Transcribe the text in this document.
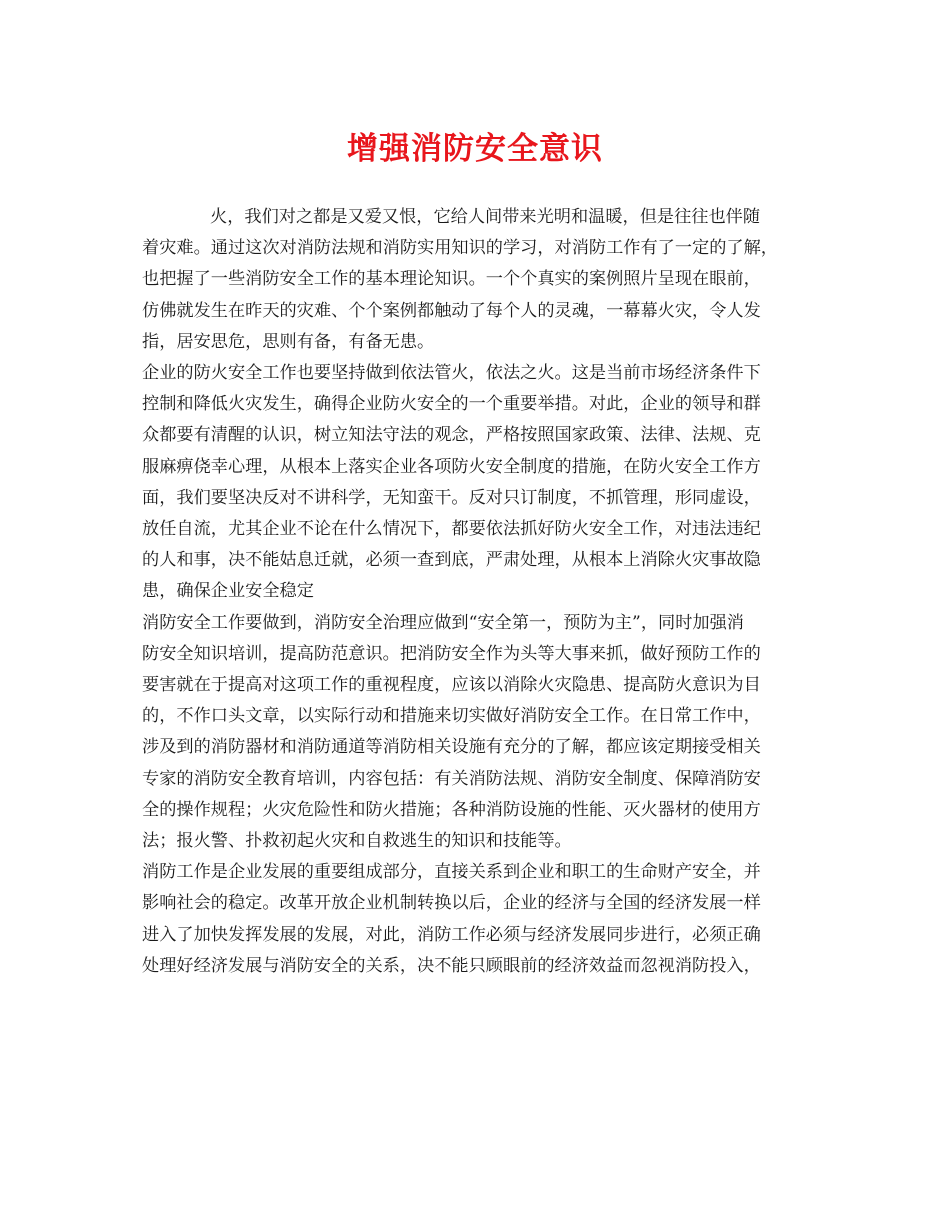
增强消防安全意识
火，我们对之都是又爱又恨，它给人间带来光明和温暖，但是往往也伴随
着灾难。通过这次对消防法规和消防实用知识的学习，对消防工作有了一定的了解，
也把握了一些消防安全工作的基本理论知识。一个个真实的案例照片呈现在眼前，
仿佛就发生在昨天的灾难、个个案例都触动了每个人的灵魂，一幕幕火灾，令人发
指，居安思危，思则有备，有备无患。
企业的防火安全工作也要坚持做到依法管火，依法之火。这是当前市场经济条件下
控制和降低火灾发生，确得企业防火安全的一个重要举措。对此，企业的领导和群
众都要有清醒的认识，树立知法守法的观念，严格按照国家政策、法律、法规、克
服麻痹侥幸心理，从根本上落实企业各项防火安全制度的措施，在防火安全工作方
面，我们要坚决反对不讲科学，无知蛮干。反对只订制度，不抓管理，形同虚设，
放任自流，尤其企业不论在什么情况下，都要依法抓好防火安全工作，对违法违纪
的人和事，决不能姑息迁就，必须一查到底，严肃处理，从根本上消除火灾事故隐
患，确保企业安全稳定
消防安全工作要做到，消防安全治理应做到“安全第一，预防为主”，同时加强消
防安全知识培训，提高防范意识。把消防安全作为头等大事来抓，做好预防工作的
要害就在于提高对这项工作的重视程度，应该以消除火灾隐患、提高防火意识为目
的，不作口头文章，以实际行动和措施来切实做好消防安全工作。在日常工作中，
涉及到的消防器材和消防通道等消防相关设施有充分的了解，都应该定期接受相关
专家的消防安全教育培训，内容包括：有关消防法规、消防安全制度、保障消防安
全的操作规程；火灾危险性和防火措施；各种消防设施的性能、灭火器材的使用方
法；报火警、扑救初起火灾和自救逃生的知识和技能等。
消防工作是企业发展的重要组成部分，直接关系到企业和职工的生命财产安全，并
影响社会的稳定。改革开放企业机制转换以后，企业的经济与全国的经济发展一样
进入了加快发挥发展的发展，对此，消防工作必须与经济发展同步进行，必须正确
处理好经济发展与消防安全的关系，决不能只顾眼前的经济效益而忽视消防投入，
